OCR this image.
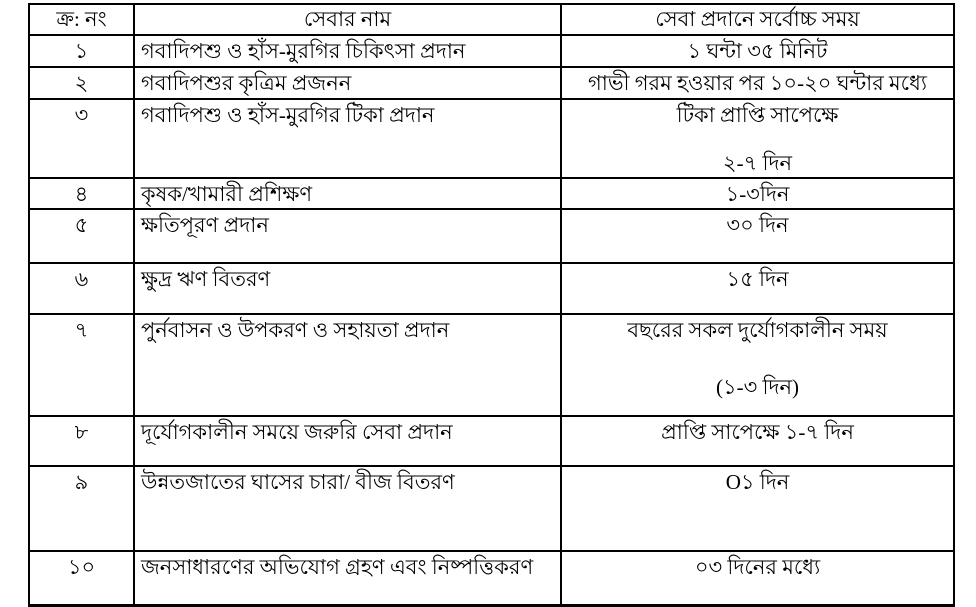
ক্র: নং	সেবার নাম	সেবা প্রদানে সর্বোচ্চ সময়
১	গবাদিপশু ও হাঁস-মুরগির চিকিৎসা প্রদান	১ ঘন্টা ৩৫ মিনিট

২	গবাদিপশুর কৃত্রিম প্রজনন	গাভী গরম হওয়ার পর ১০-২০ ঘন্টার মধ্যে

৩	গবাদিপশু ও হাঁস-মুরগির টিকা প্রদান	টিকা প্রাপ্তি সাপেক্ষে
২-৭ দিন

৪	কৃষক/খামারী প্রশিক্ষণ	১-৩দিন

৫	ক্ষতিপূরণ প্রদান	৩০ দিন

৬	ক্ষুদ্র ঋণ বিতরণ	১৫ দিন

৭	পুর্নবাসন ও উপকরণ ও সহায়তা প্রদান	বছরের সকল দুর্যোগকালীন সময়
(১-৩ দিন)

৮	দূর্যোগকালীন সময়ে জরুরি সেবা প্রদান	প্রাপ্তি সাপেক্ষে ১-৭ দিন

৯	উন্নতজাতের ঘাসের চারা/ বীজ বিতরণ	O১ দিন

১০	জনসাধারণের অভিযোগ গ্রহণ এবং নিষ্পত্তিকরণ	০৩ দিনের মধ্যে
